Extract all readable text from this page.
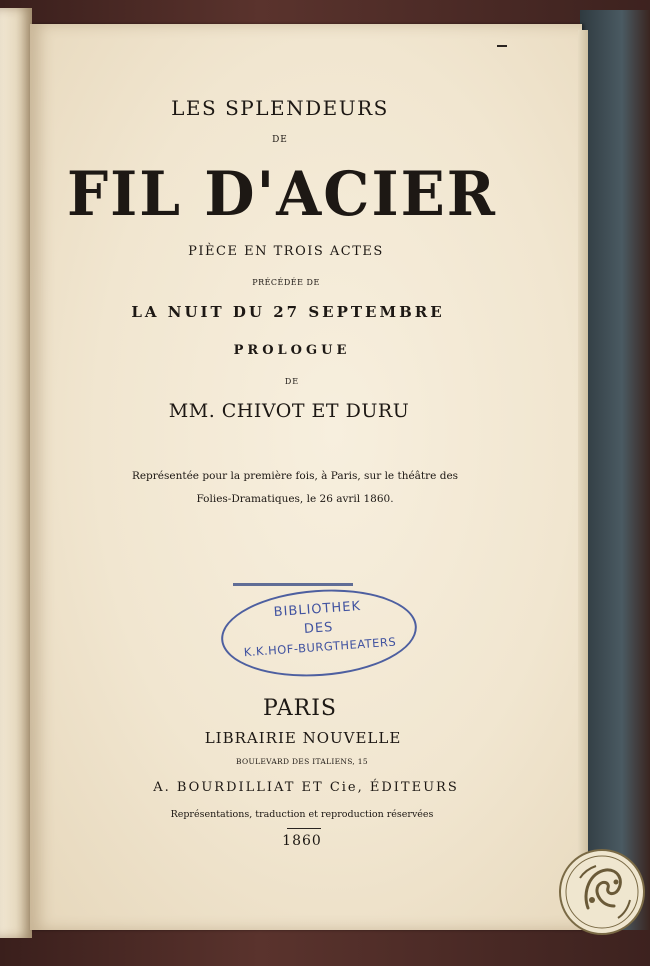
LES SPLENDEURS
DE
FIL D'ACIER
PIÈCE EN TROIS ACTES
PRÉCÉDÉE DE
LA NUIT DU 27 SEPTEMBRE
PROLOGUE
DE
MM. CHIVOT ET DURU
Représentée pour la première fois, à Paris, sur le théâtre des
Folies-Dramatiques, le 26 avril 1860.
BIBLIOTHEK
DES
K.K.HOF-BURGTHEATERS
PARIS
LIBRAIRIE NOUVELLE
BOULEVARD DES ITALIENS, 15
A. BOURDILLIAT ET Cie, ÉDITEURS
Représentations, traduction et reproduction réservées
1860
